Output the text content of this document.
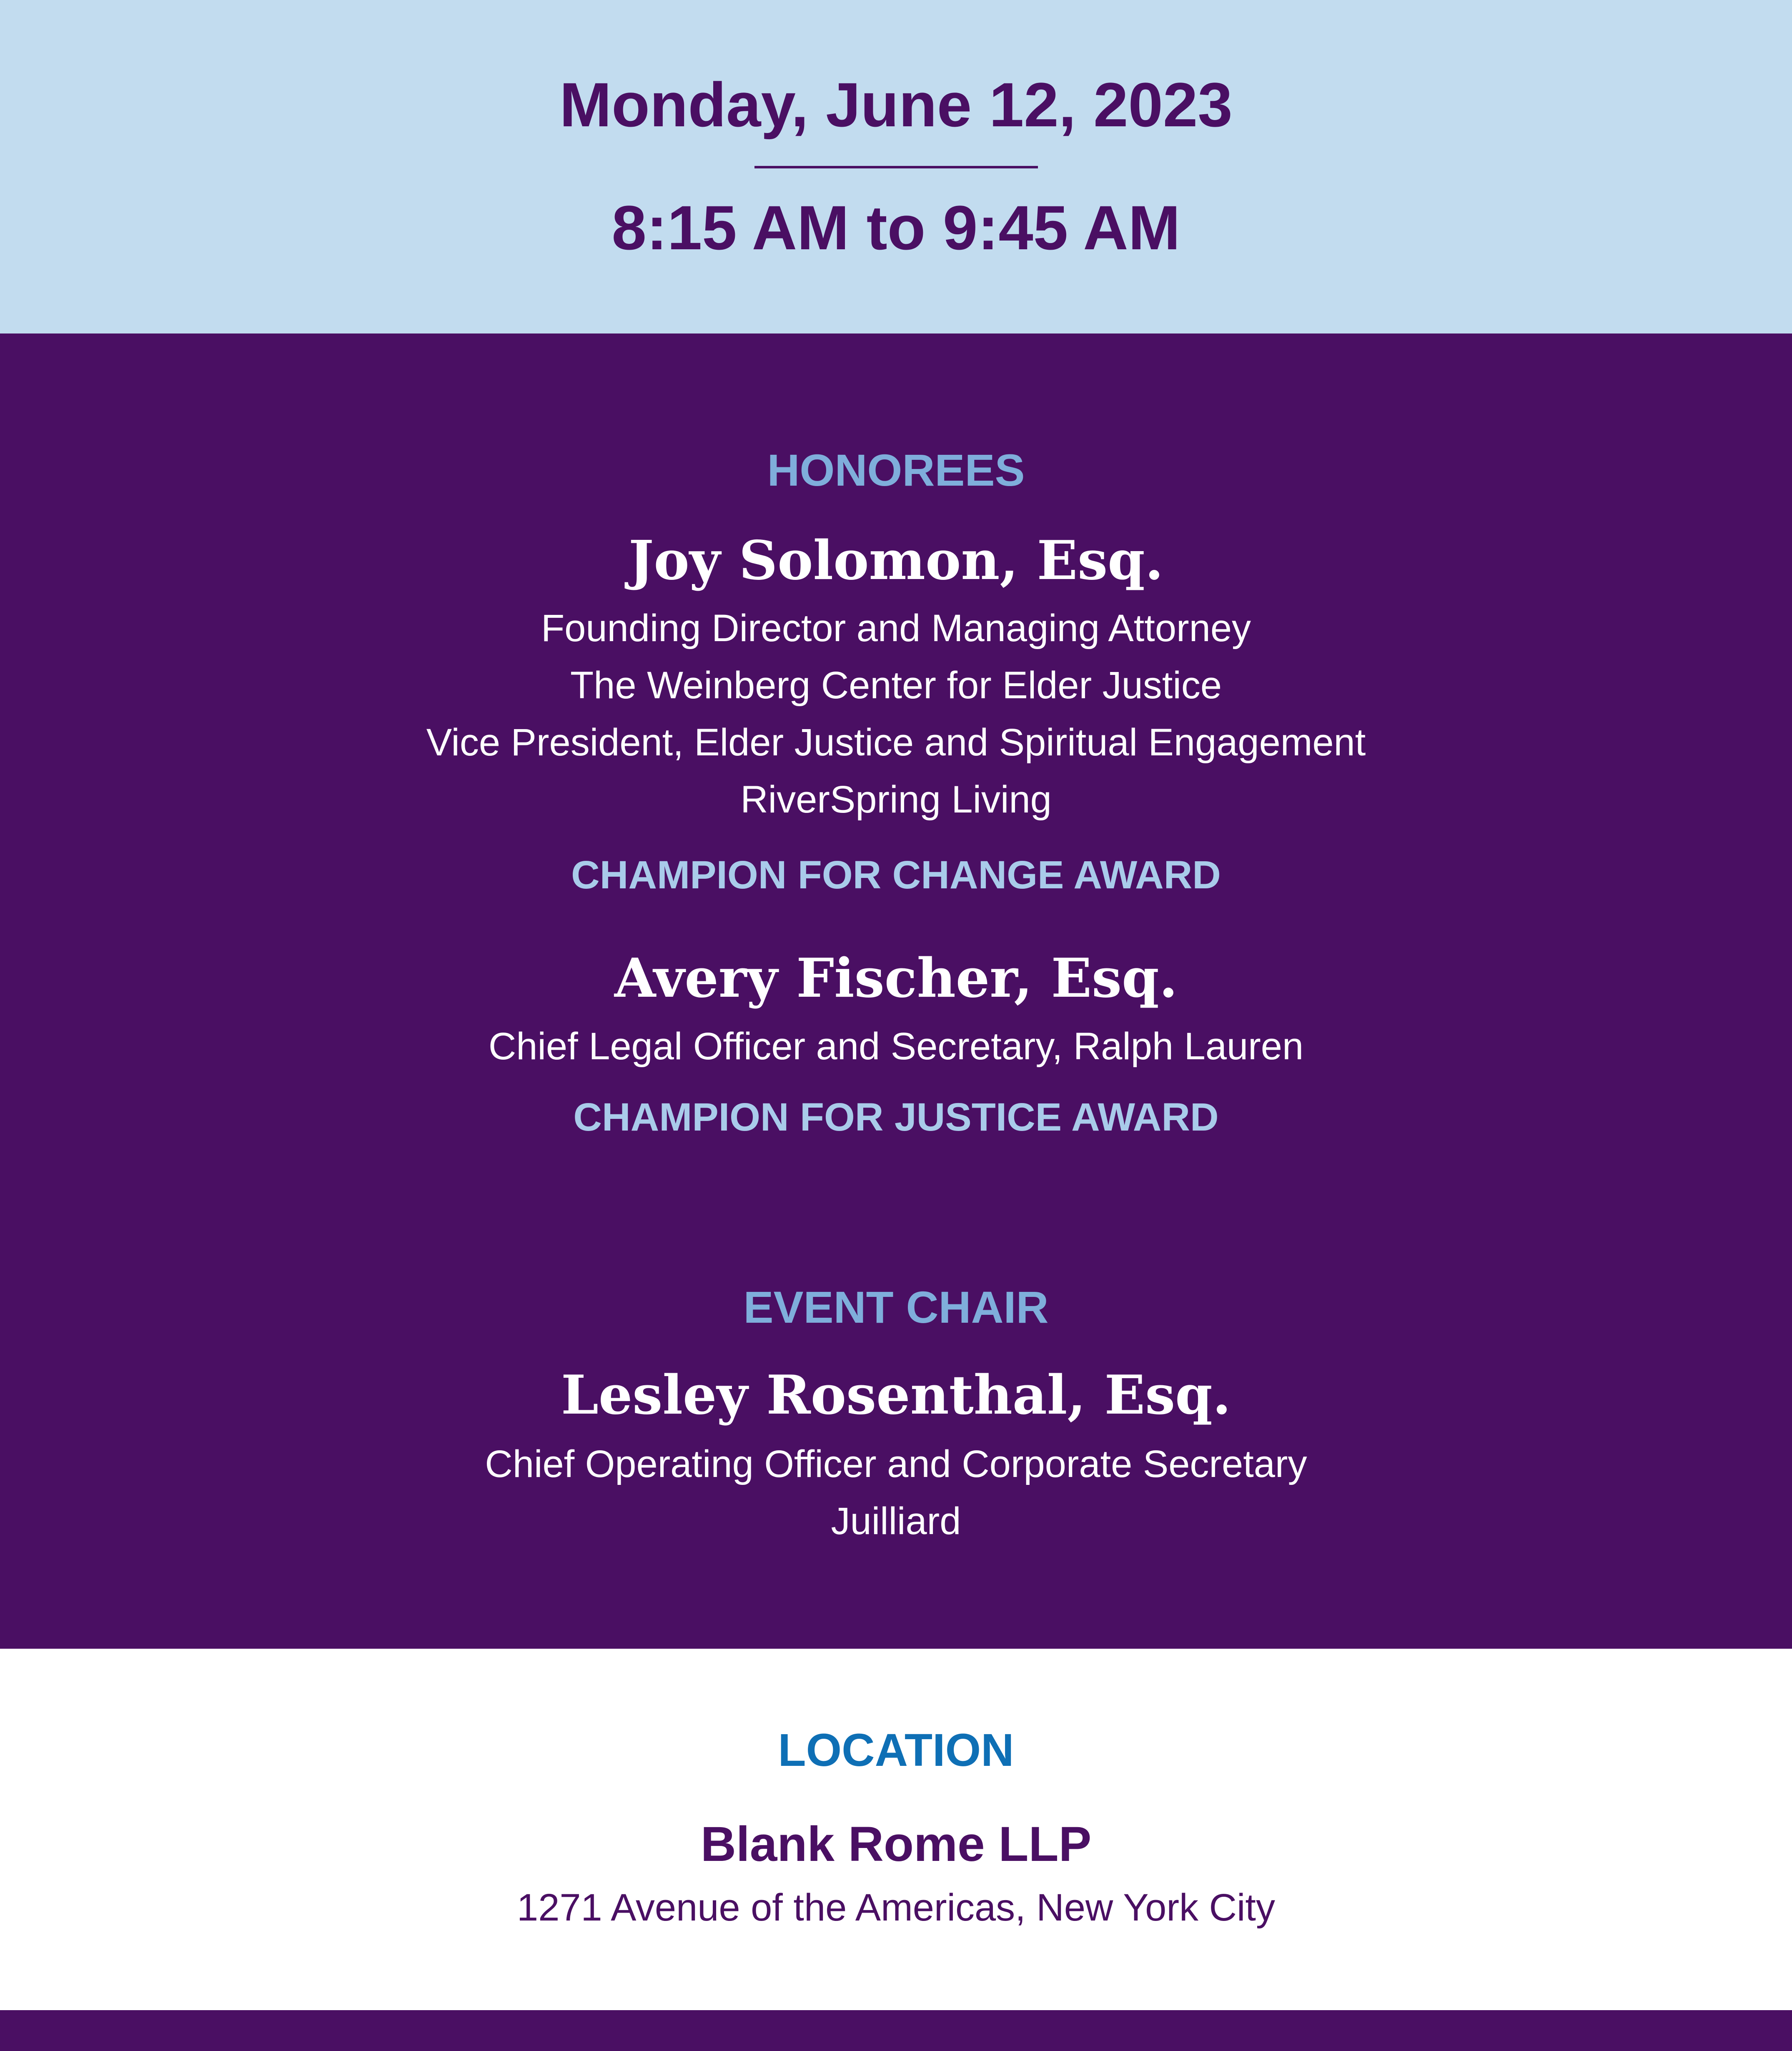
Monday, June 12, 2023

8:15 AM to 9:45 AM

HONOREES

Joy Solomon, Esq.

Founding Director and Managing Attorney

The Weinberg Center for Elder Justice

Vice President, Elder Justice and Spiritual Engagement

RiverSpring Living

CHAMPION FOR CHANGE AWARD

Avery Fischer, Esq.

Chief Legal Officer and Secretary, Ralph Lauren

CHAMPION FOR JUSTICE AWARD

EVENT CHAIR

Lesley Rosenthal, Esq.

Chief Operating Officer and Corporate Secretary

Juilliard

LOCATION

Blank Rome LLP

1271 Avenue of the Americas, New York City
